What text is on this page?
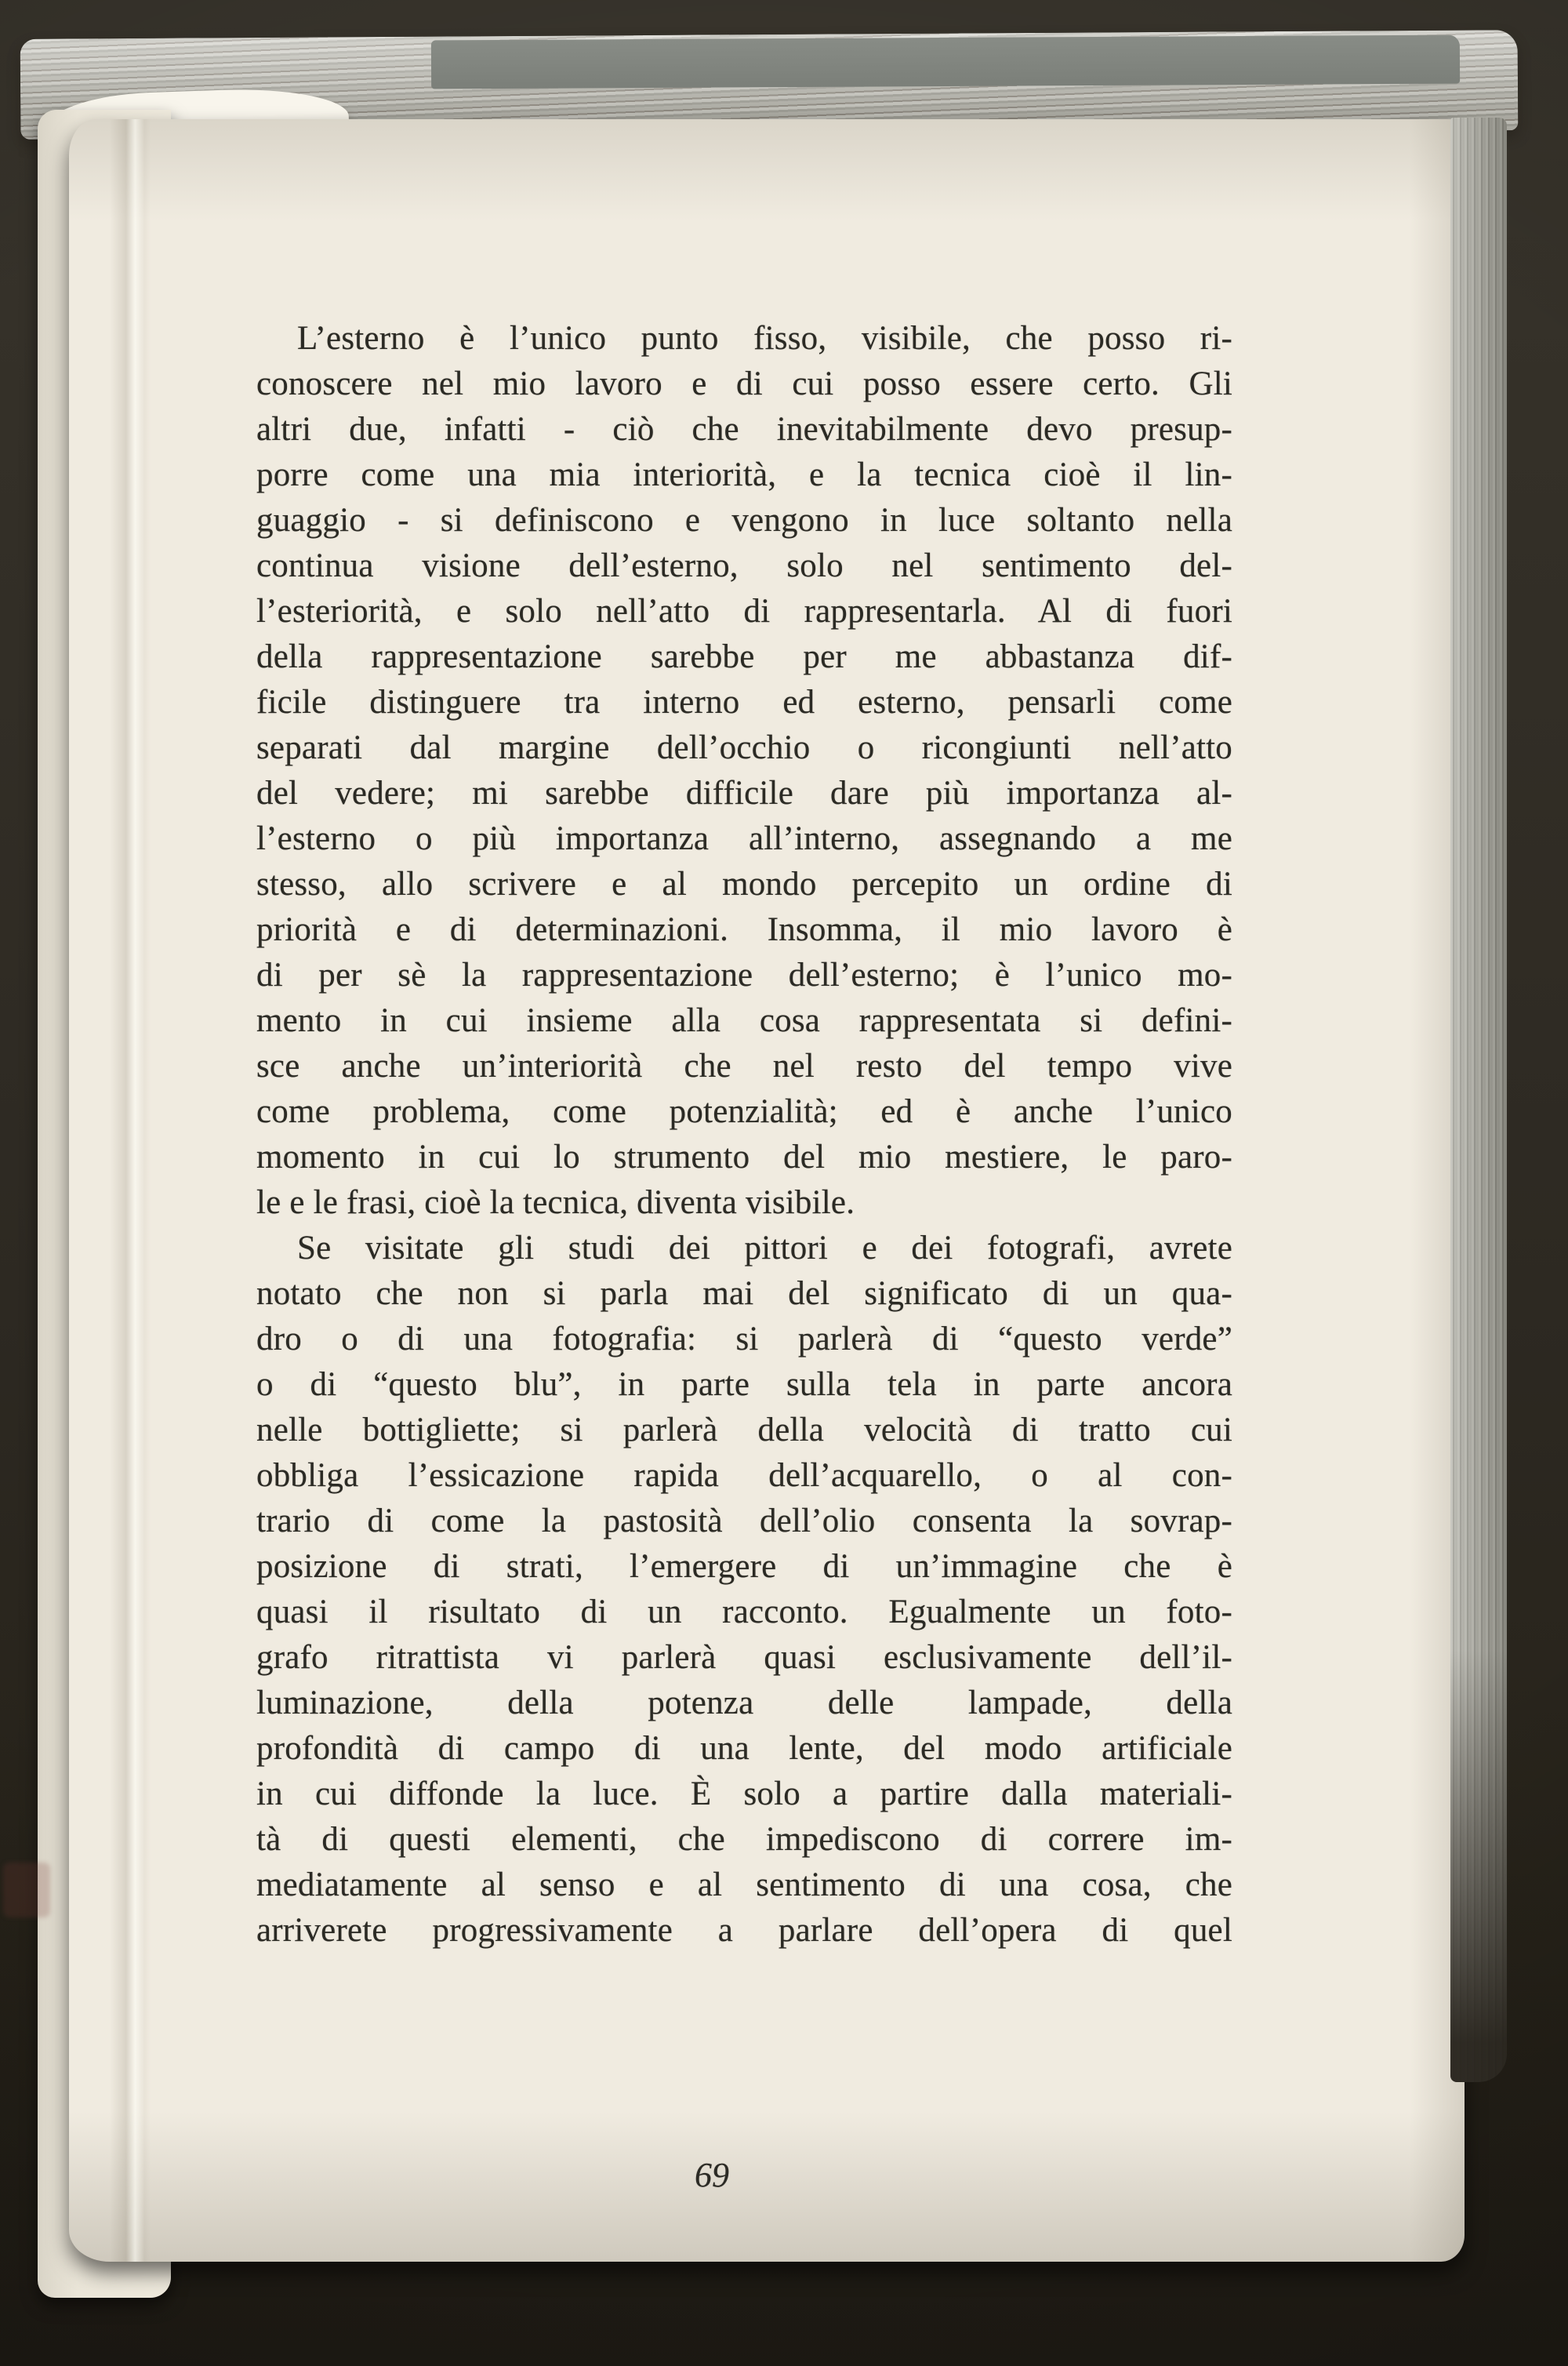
L’esterno è l’unico punto fisso, visibile, che posso ri-
conoscere nel mio lavoro e di cui posso essere certo. Gli
altri due, infatti - ciò che inevitabilmente devo presup-
porre come una mia interiorità, e la tecnica cioè il lin-
guaggio - si definiscono e vengono in luce soltanto nella
continua visione dell’esterno, solo nel sentimento del-
l’esteriorità, e solo nell’atto di rappresentarla. Al di fuori
della rappresentazione sarebbe per me abbastanza dif-
ficile distinguere tra interno ed esterno, pensarli come
separati dal margine dell’occhio o ricongiunti nell’atto
del vedere; mi sarebbe difficile dare più importanza al-
l’esterno o più importanza all’interno, assegnando a me
stesso, allo scrivere e al mondo percepito un ordine di
priorità e di determinazioni. Insomma, il mio lavoro è
di per sè la rappresentazione dell’esterno; è l’unico mo-
mento in cui insieme alla cosa rappresentata si defini-
sce anche un’interiorità che nel resto del tempo vive
come problema, come potenzialità; ed è anche l’unico
momento in cui lo strumento del mio mestiere, le paro-
le e le frasi, cioè la tecnica, diventa visibile.
Se visitate gli studi dei pittori e dei fotografi, avrete
notato che non si parla mai del significato di un qua-
dro o di una fotografia: si parlerà di “questo verde”
o di “questo blu”, in parte sulla tela in parte ancora
nelle bottigliette; si parlerà della velocità di tratto cui
obbliga l’essicazione rapida dell’acquarello, o al con-
trario di come la pastosità dell’olio consenta la sovrap-
posizione di strati, l’emergere di un’immagine che è
quasi il risultato di un racconto. Egualmente un foto-
grafo ritrattista vi parlerà quasi esclusivamente dell’il-
luminazione, della potenza delle lampade, della
profondità di campo di una lente, del modo artificiale
in cui diffonde la luce. È solo a partire dalla materiali-
tà di questi elementi, che impediscono di correre im-
mediatamente al senso e al sentimento di una cosa, che
arriverete progressivamente a parlare dell’opera di quel
69
